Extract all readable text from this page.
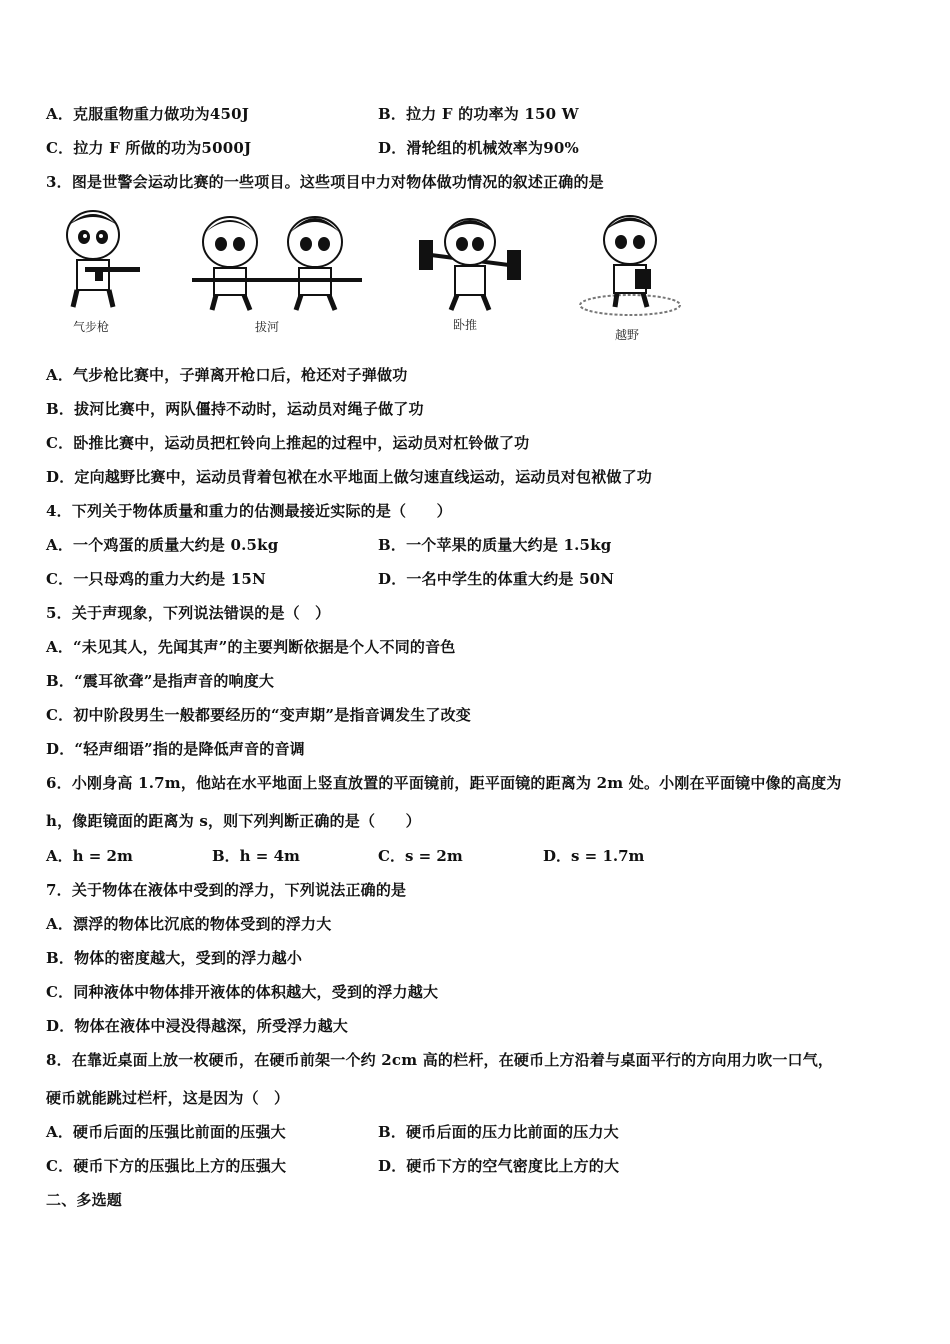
A．克服重物重力做功为450J	B．拉力 F 的功率为 150 W
C．拉力 F 所做的功为5000J	D．滑轮组的机械效率为90%
3．图是世警会运动比赛的一些项目。这些项目中力对物体做功情况的叙述正确的是
气步枪	拔河	卧推
越野
A．气步枪比赛中，子弹离开枪口后，枪还对子弹做功
B．拔河比赛中，两队僵持不动时，运动员对绳子做了功
C．卧推比赛中，运动员把杠铃向上推起的过程中，运动员对杠铃做了功
D．定向越野比赛中，运动员背着包袱在水平地面上做匀速直线运动，运动员对包袱做了功
4．下列关于物体质量和重力的估测最接近实际的是（　　）
A．一个鸡蛋的质量大约是 0.5kg	B．一个苹果的质量大约是 1.5kg
C．一只母鸡的重力大约是 15N	D．一名中学生的体重大约是 50N
5．关于声现象，下列说法错误的是（　）
A．“未见其人，先闻其声”的主要判断依据是个人不同的音色
B．“震耳欲聋”是指声音的响度大
C．初中阶段男生一般都要经历的“变声期”是指音调发生了改变
D．“轻声细语”指的是降低声音的音调
6．小刚身高 1.7m，他站在水平地面上竖直放置的平面镜前，距平面镜的距离为 2m 处。小刚在平面镜中像的高度为
h，像距镜面的距离为 s，则下列判断正确的是（　　）
A．h = 2m	B．h = 4m	C．s = 2m	D．s = 1.7m
7．关于物体在液体中受到的浮力，下列说法正确的是
A．漂浮的物体比沉底的物体受到的浮力大
B．物体的密度越大，受到的浮力越小
C．同种液体中物体排开液体的体积越大，受到的浮力越大
D．物体在液体中浸没得越深，所受浮力越大
8．在靠近桌面上放一枚硬币，在硬币前架一个约 2cm 高的栏杆，在硬币上方沿着与桌面平行的方向用力吹一口气，
硬币就能跳过栏杆，这是因为（　）
A．硬币后面的压强比前面的压强大	B．硬币后面的压力比前面的压力大
C．硬币下方的压强比上方的压强大	D．硬币下方的空气密度比上方的大
二、多选题
